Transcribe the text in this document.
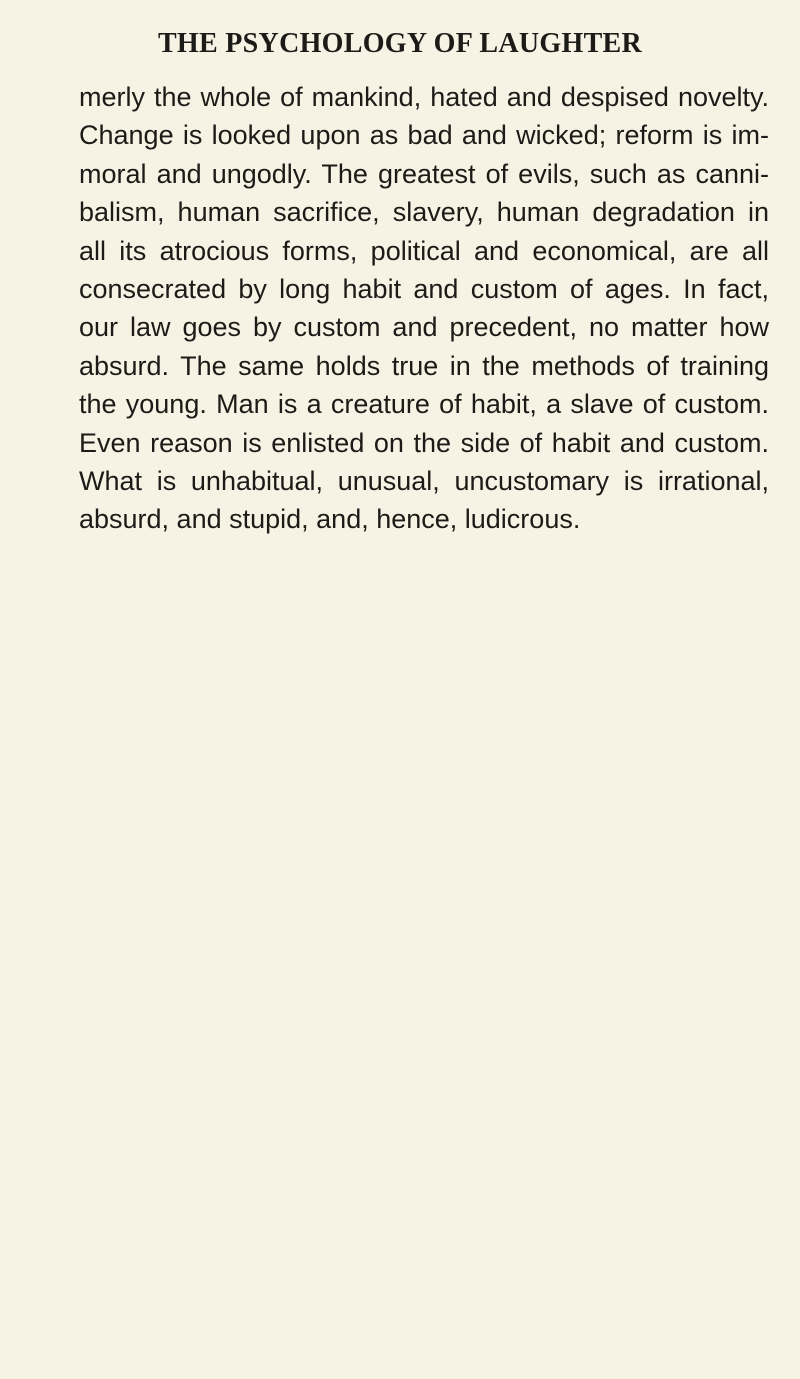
THE PSYCHOLOGY OF LAUGHTER
merly the whole of mankind, hated and despised novelty.
Change is looked upon as bad and wicked; reform is im-
moral and ungodly. The greatest of evils, such as canni-
balism, human sacrifice, slavery, human degradation in
all its atrocious forms, political and economical, are all
consecrated by long habit and custom of ages. In fact,
our law goes by custom and precedent, no matter how
absurd. The same holds true in the methods of training
the young. Man is a creature of habit, a slave of custom.
Even reason is enlisted on the side of habit and custom.
What is unhabitual, unusual, uncustomary is irrational,
absurd, and stupid, and, hence, ludicrous.
